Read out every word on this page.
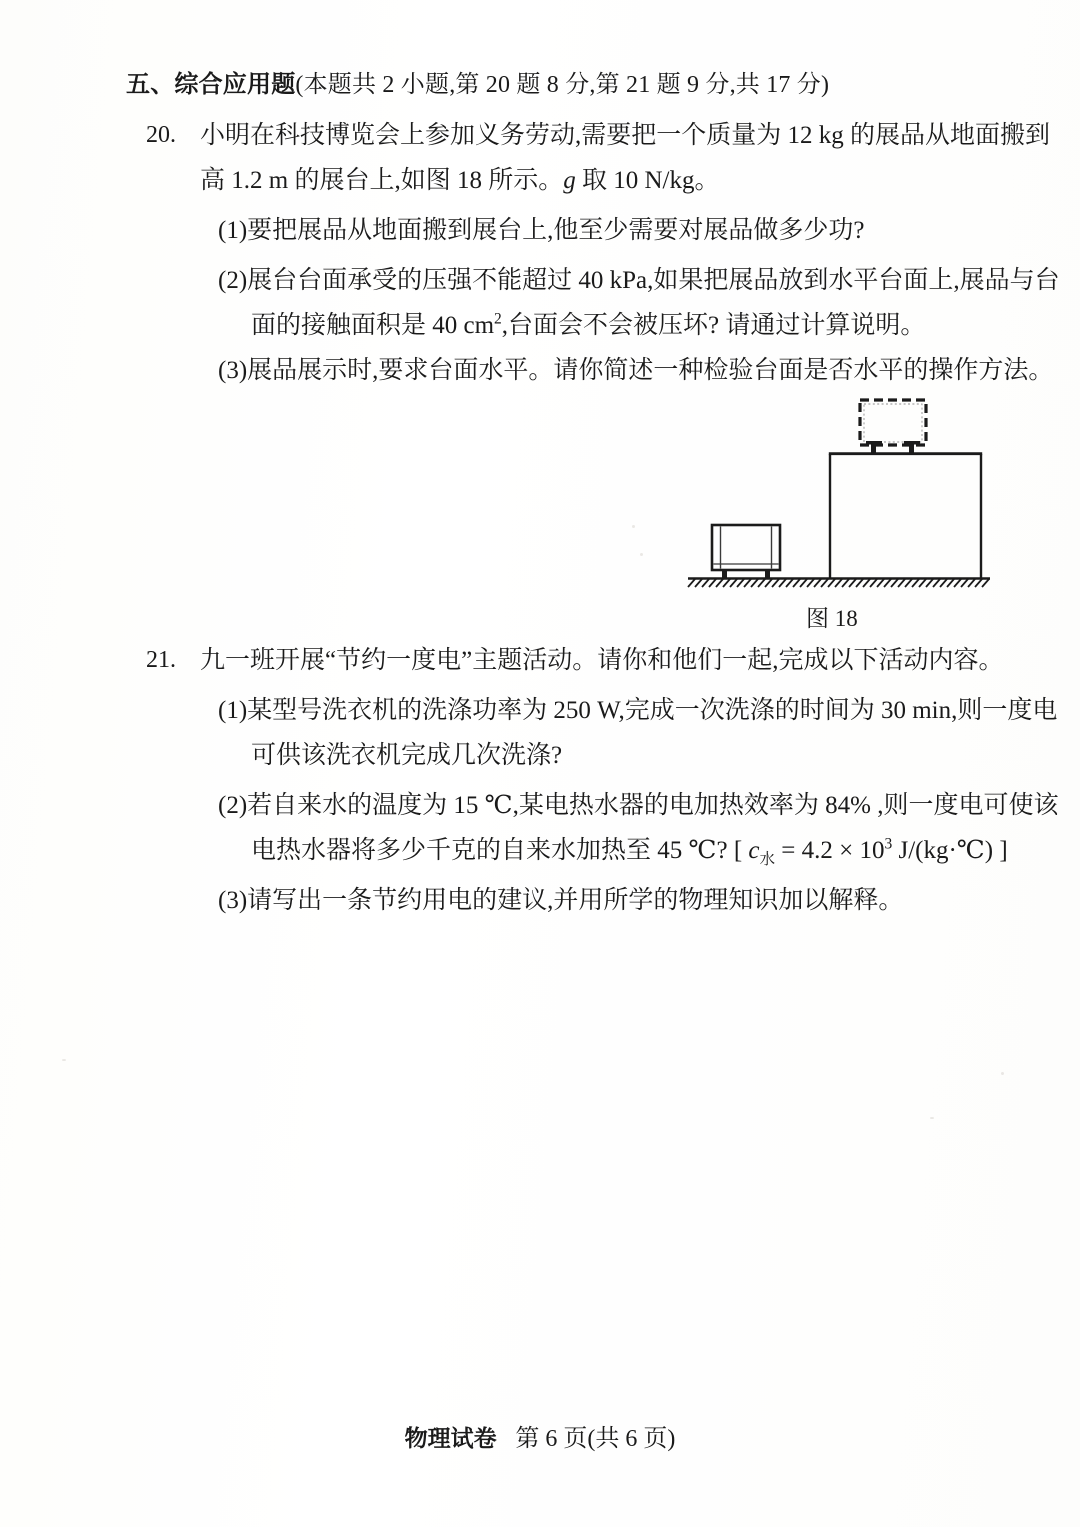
五、综合应用题(本题共 2 小题,第 20 题 8 分,第 21 题 9 分,共 17 分)
20. 小明在科技博览会上参加义务劳动,需要把一个质量为 12 kg 的展品从地面搬到
高 1.2 m 的展台上,如图 18 所示。g 取 10 N/kg。
(1)要把展品从地面搬到展台上,他至少需要对展品做多少功?
(2)展台台面承受的压强不能超过 40 kPa,如果把展品放到水平台面上,展品与台
面的接触面积是 40 $cm^2$,台面会不会被压坏? 请通过计算说明。
(3)展品展示时,要求台面水平。请你简述一种检验台面是否水平的操作方法。
图 18
21. 九一班开展“节约一度电”主题活动。请你和他们一起,完成以下活动内容。
(1)某型号洗衣机的洗涤功率为 250 W,完成一次洗涤的时间为 30 min,则一度电
可供该洗衣机完成几次洗涤?
(2)若自来水的温度为 15 ℃,某电热水器的电加热效率为 84% ,则一度电可使该
电热水器将多少千克的自来水加热至 45 ℃? [ $c_水 = 4.2 \times 10^3$ J/(kg·℃) ]
(3)请写出一条节约用电的建议,并用所学的物理知识加以解释。
物理试卷 第 6 页(共 6 页)
